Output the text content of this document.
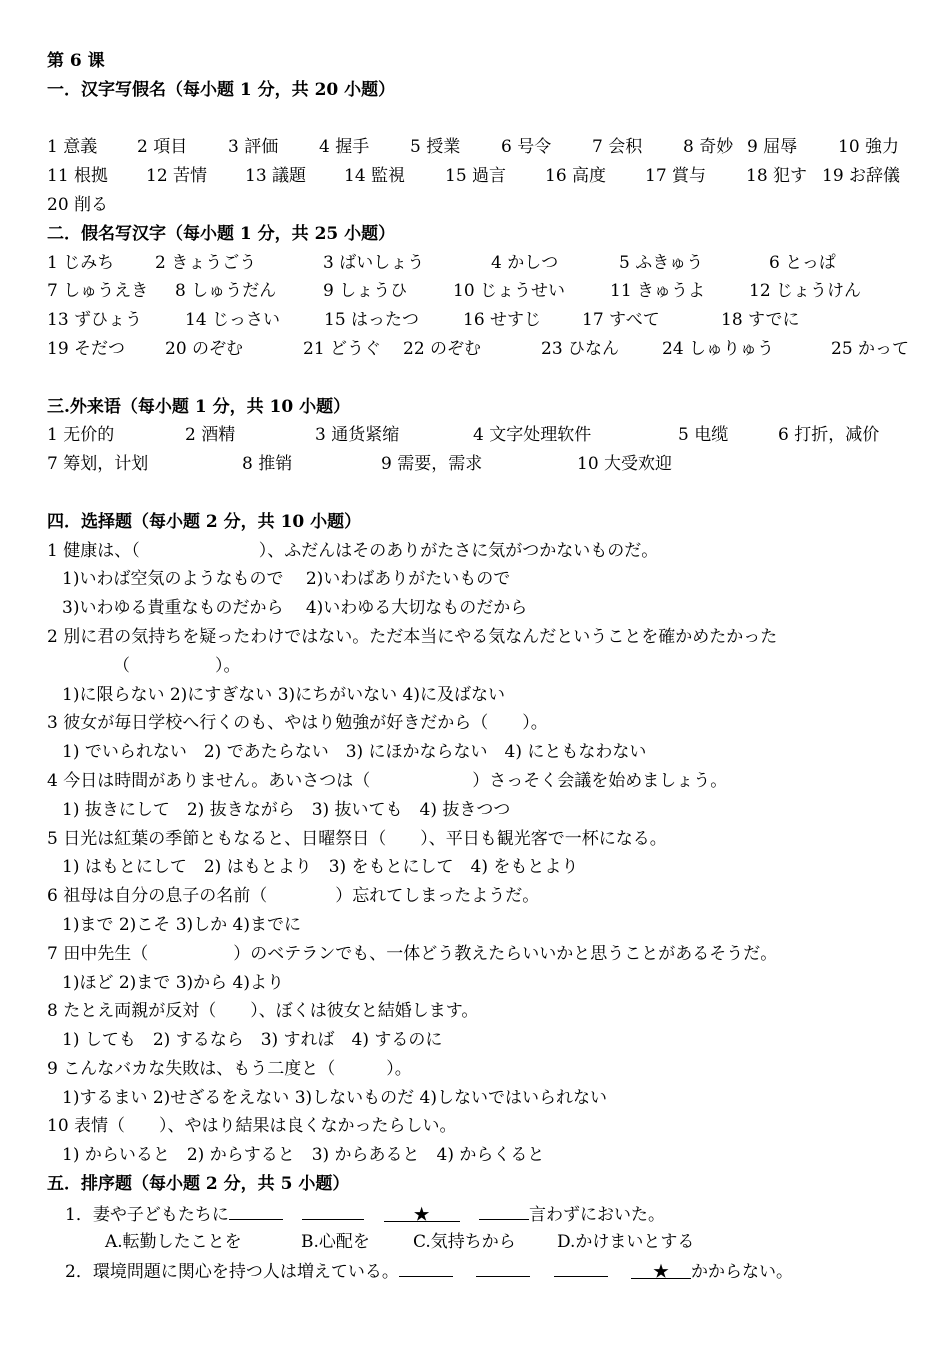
第 6 课
一．汉字写假名（每小题 1 分，共 20 小题）
1 意義	2 項目	3 評価	4 握手	5 授業	6 号令	7 会积	8 奇妙 9 屈辱	10 強力
11 根拠	12 苦情	13 議題	14 監視	15 過言	16 高度	17 賞与	18 犯す 19 お辞儀
20 削る
二．假名写汉字（每小题 1 分，共 25 小题）
1 じみち	2 きょうごう	3 ばいしょう	4 かしつ	5 ふきゅう	6 とっぱ
7 しゅうえき	8 しゅうだん	9 しょうひ	10 じょうせい	11 きゅうよ	12 じょうけん
13 ずひょう	14 じっさい	15 はったつ	16 せすじ	17 すべて	18 すでに
19 そだつ	20 のぞむ	21 どうぐ	22 のぞむ	23 ひなん	24 しゅりゅう	25 かって
三.外来语（每小题 1 分，共 10 小题）
1 无价的	2 酒精	3 通货紧缩	4 文字处理软件	5 电缆	6 打折，减价
7 筹划，计划	8 推销	9 需要，需求	10 大受欢迎
四．选择题（每小题 2 分，共 10 小题）
1 健康は、（　　　　　　　）、ふだんはそのありがたさに気がつかないものだ。
1)いわば空気のようなもので　 2)いわばありがたいもので
3)いわゆる貴重なものだから　 4)いわゆる大切なものだから
2 別に君の気持ちを疑ったわけではない。ただ本当にやる気なんだということを確かめたかった
（　　　　　）。
1)に限らない 2)にすぎない 3)にちがいない 4)に及ばない
3 彼女が毎日学校へ行くのも、やはり勉強が好きだから（　　）。
1) でいられない　2) であたらない　3) にほかならない　4) にともなわない
4 今日は時間がありません。あいさつは（　　　　　　）さっそく会議を始めましょう。
1) 抜きにして　2) 抜きながら　3) 抜いても　4) 抜きつつ
5 日光は紅葉の季節ともなると、日曜祭日（　　）、平日も観光客で一杯になる。
1) はもとにして　2) はもとより　3) をもとにして　4) をもとより
6 祖母は自分の息子の名前（　　　　）忘れてしまったようだ。
1)まで 2)こそ 3)しか 4)までに
7 田中先生（　　　　　）のベテランでも、一体どう教えたらいいかと思うことがあるそうだ。
1)ほど 2)まで 3)から 4)より
8 たとえ両親が反対（　　）、ぼくは彼女と結婚します。
1) しても　2) するなら　3) すれば　4) するのに
9 こんなバカな失敗は、もう二度と（　　　）。
1)するまい 2)せざるをえない 3)しないものだ 4)しないではいられない
10 表情（　　）、やはり結果は良くなかったらしい。
1) からいると　2) からすると　3) からあると　4) からくると
五．排序题（每小题 2 分，共 5 小题）
1．妻や子どもたちに	★	言わずにおいた。
A.転勤したことを	B.心配を	C.気持ちから	D.かけまいとする
2．環境問題に関心を持つ人は増えている。	★ かからない。
